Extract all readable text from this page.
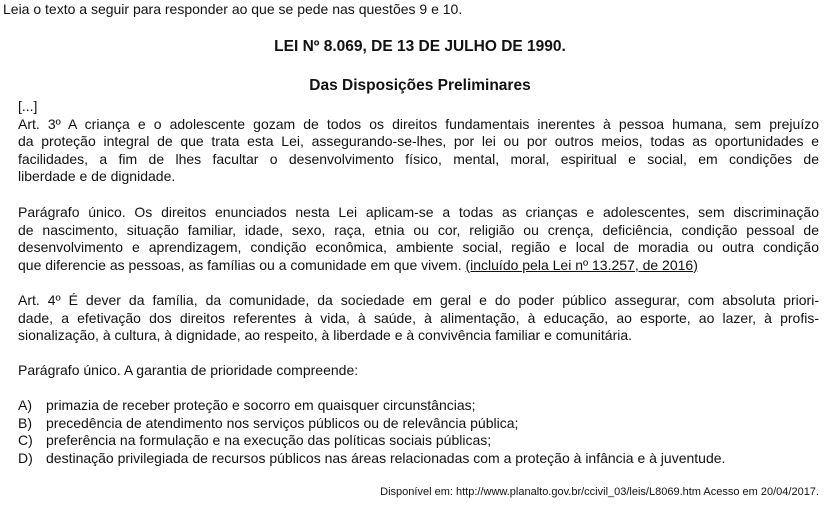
Leia o texto a seguir para responder ao que se pede nas questões 9 e 10.
LEI Nº 8.069, DE 13 DE JULHO DE 1990.
Das Disposições Preliminares
[...]
Art. 3º A criança e o adolescente gozam de todos os direitos fundamentais inerentes à pessoa humana, sem prejuízo
da proteção integral de que trata esta Lei, assegurando-se-lhes, por lei ou por outros meios, todas as oportunidades e
facilidades, a fim de lhes facultar o desenvolvimento físico, mental, moral, espiritual e social, em condições de
liberdade e de dignidade.
Parágrafo único. Os direitos enunciados nesta Lei aplicam-se a todas as crianças e adolescentes, sem discriminação
de nascimento, situação familiar, idade, sexo, raça, etnia ou cor, religião ou crença, deficiência, condição pessoal de
desenvolvimento e aprendizagem, condição econômica, ambiente social, região e local de moradia ou outra condição
que diferencie as pessoas, as famílias ou a comunidade em que vivem. (incluído pela Lei nº 13.257, de 2016)
Art. 4º É dever da família, da comunidade, da sociedade em geral e do poder público assegurar, com absoluta priori-
dade, a efetivação dos direitos referentes à vida, à saúde, à alimentação, à educação, ao esporte, ao lazer, à profis-
sionalização, à cultura, à dignidade, ao respeito, à liberdade e à convivência familiar e comunitária.
Parágrafo único. A garantia de prioridade compreende:
A) primazia de receber proteção e socorro em quaisquer circunstâncias;
B) precedência de atendimento nos serviços públicos ou de relevância pública;
C) preferência na formulação e na execução das políticas sociais públicas;
D) destinação privilegiada de recursos públicos nas áreas relacionadas com a proteção à infância e à juventude.
Disponível em: http://www.planalto.gov.br/ccivil_03/leis/L8069.htm Acesso em 20/04/2017.
